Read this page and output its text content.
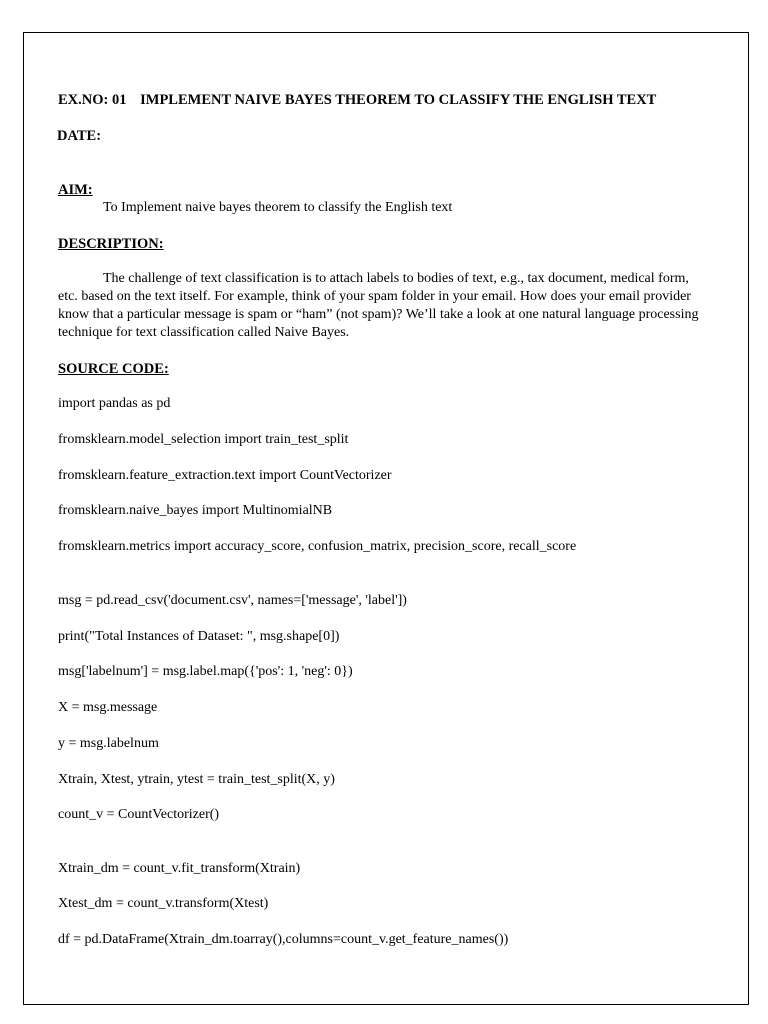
EX.NO: 01 IMPLEMENT NAIVE BAYES THEOREM TO CLASSIFY THE ENGLISH TEXT
DATE:
AIM:
To Implement naive bayes theorem to classify the English text
DESCRIPTION:
The challenge of text classification is to attach labels to bodies of text, e.g., tax document, medical form, etc. based on the text itself. For example, think of your spam folder in your email. How does your email provider know that a particular message is spam or “ham” (not spam)? We’ll take a look at one natural language processing technique for text classification called Naive Bayes.
SOURCE CODE:
import pandas as pd
fromsklearn.model_selection import train_test_split
fromsklearn.feature_extraction.text import CountVectorizer
fromsklearn.naive_bayes import MultinomialNB
fromsklearn.metrics import accuracy_score, confusion_matrix, precision_score, recall_score
msg = pd.read_csv('document.csv', names=['message', 'label'])
print("Total Instances of Dataset: ", msg.shape[0])
msg['labelnum'] = msg.label.map({'pos': 1, 'neg': 0})
X = msg.message
y = msg.labelnum
Xtrain, Xtest, ytrain, ytest = train_test_split(X, y)
count_v = CountVectorizer()
Xtrain_dm = count_v.fit_transform(Xtrain)
Xtest_dm = count_v.transform(Xtest)
df = pd.DataFrame(Xtrain_dm.toarray(),columns=count_v.get_feature_names())
